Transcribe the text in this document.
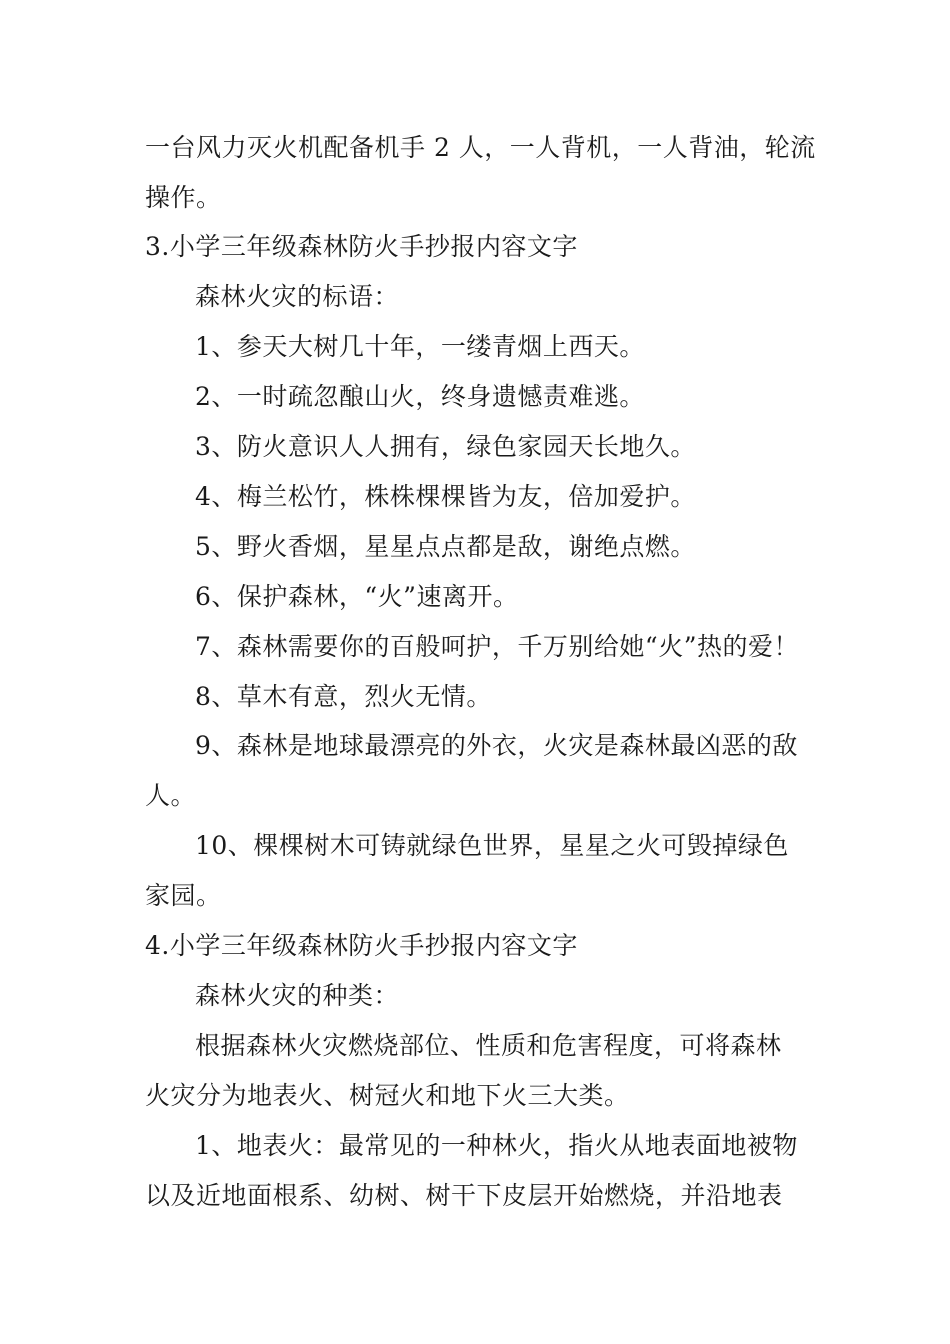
一台风力灭火机配备机手 2 人，一人背机，一人背油，轮流
操作。
3.小学三年级森林防火手抄报内容文字
森林火灾的标语：
1、参天大树几十年，一缕青烟上西天。
2、一时疏忽酿山火，终身遗憾责难逃。
3、防火意识人人拥有，绿色家园天长地久。
4、梅兰松竹，株株棵棵皆为友，倍加爱护。
5、野火香烟，星星点点都是敌，谢绝点燃。
6、保护森林，“火”速离开。
7、森林需要你的百般呵护，千万别给她“火”热的爱！
8、草木有意，烈火无情。
9、森林是地球最漂亮的外衣，火灾是森林最凶恶的敌
人。
10、棵棵树木可铸就绿色世界，星星之火可毁掉绿色
家园。
4.小学三年级森林防火手抄报内容文字
森林火灾的种类：
根据森林火灾燃烧部位、性质和危害程度，可将森林
火灾分为地表火、树冠火和地下火三大类。
1、地表火：最常见的一种林火，指火从地表面地被物
以及近地面根系、幼树、树干下皮层开始燃烧，并沿地表
